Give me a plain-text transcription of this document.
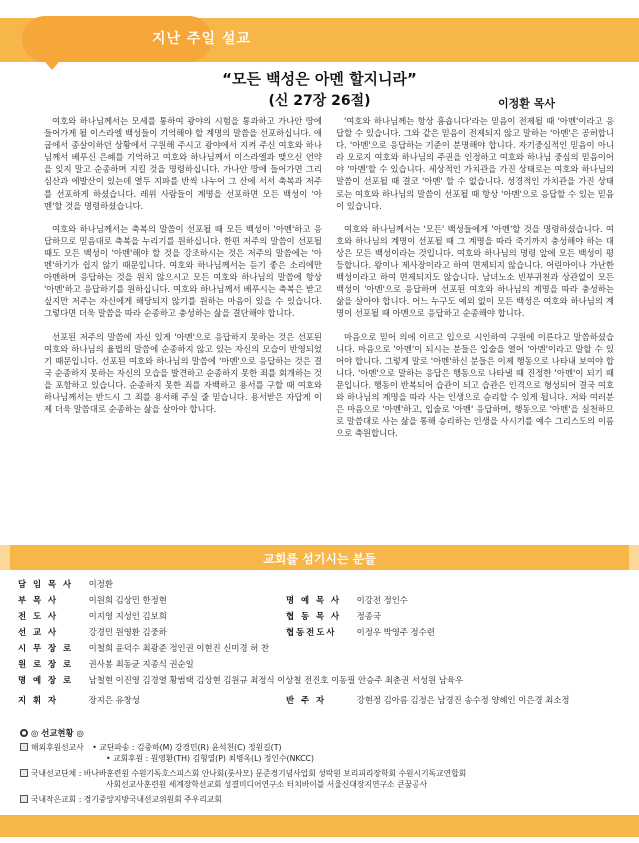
지난 주일 설교
“모든 백성은 아멘 할지니라”
(신 27장 26절)	이정환 목사

여호와 하나님께서는 모세를 통하여 광야의 시험을 통과하고 가나안 땅에 들어가게 될 이스라엘 백성들이 기억해야 할 계명의 말씀을 선포하십니다. 애굽에서 종살이하던 상황에서 구원해 주시고 광야에서 지켜 주신 여호와 하나님께서 베푸신 은혜를 기억하고 여호와 하나님께서 이스라엘과 맺으신 언약을 잊지 말고 순종하며 지킬 것을 명령하십니다. 가나안 땅에 들어가면 그리심산과 에발산이 있는데 열두 지파를 반씩 나누어 그 산에 서서 축복과 저주를 선포하게 하셨습니다. 레위 사람들이 계명을 선포하면 모든 백성이 '아멘'할 것을 명령하셨습니다.

여호와 하나님께서는 축복의 말씀이 선포될 때 모든 백성이 '아멘'하고 응답하므로 믿음대로 축복을 누리기를 원하십니다. 한편 저주의 말씀이 선포될 때도 모든 백성이 '아멘'해야 할 것을 강조하시는 것은 저주의 말씀에는 '아멘'하기가 쉽지 않기 때문입니다. 여호와 하나님께서는 듣기 좋은 소리에만 아멘하며 응답하는 것을 원치 않으시고 모든 여호와 하나님의 말씀에 항상 '아멘'하고 응답하기를 원하십니다. 여호와 하나님께서 베푸시는 축복은 받고 싶지만 저주는 자신에게 해당되지 않기를 원하는 마음이 있을 수 있습니다. 그렇다면 더욱 말씀을 따라 순종하고 충성하는 삶을 결단해야 합니다.

선포된 저주의 말씀에 자신 있게 '아멘'으로 응답하지 못하는 것은 선포된 여호와 하나님의 율법의 말씀에 순종하지 않고 있는 자신의 모습이 반영되었기 때문입니다. 선포된 여호와 하나님의 말씀에 '아멘'으로 응답하는 것은 결국 순종하지 못하는 자신의 모습을 발견하고 순종하지 못한 죄를 회개하는 것을 포함하고 있습니다. 순종하지 못한 죄를 자백하고 용서를 구할 때 여호와 하나님께서는 반드시 그 죄를 용서해 주실 줄 믿습니다. 용서받은 자답게 이제 더욱 말씀대로 순종하는 삶을 살아야 합니다.

'여호와 하나님께는 항상 흠숍니다'라는 믿음이 전제될 때 '아멘'이라고 응답할 수 있습니다. 그와 같은 믿음이 전제되지 않고 말하는 '아멘'은 공허합니다. '아멘'으로 응답하는 기준이 분명해야 합니다. 자기중심적인 믿음이 아니라 오로지 여호와 하나님의 주권을 인정하고 여호와 하나님 중심의 믿음이어야 '아멘'할 수 있습니다. 세상적인 가치관을 가진 상태로는 여호와 하나님의 말씀이 선포될 때 결코 '아멘' 할 수 없습니다. 성경적인 가치관을 가진 상태로는 여호와 하나님의 말씀이 선포될 때 항상 '아멘'으로 응답할 수 있는 믿음이 있습니다.

여호와 하나님께서는 '모든' 백성들에게 '아멘'할 것을 명령하셨습니다. 여호와 하나님의 계명이 선포될 때 그 계명을 따라 죽기까지 충성해야 하는 대상은 모든 백성이라는 것입니다. 여호와 하나님의 명령 앞에 모든 백성이 평등합니다. 왕이나 제사장이라고 하여 면제되지 않습니다. 어린아이나 가난한 백성이라고 하여 면제되지도 않습니다. 남녀노소 빈부귀천과 상관없이 모든 백성이 '아멘'으로 응답하며 선포된 여호와 하나님의 계명을 따라 충성하는 삶을 살아야 합니다. 어느 누구도 예외 없이 모든 백성은 여호와 하나님의 계명이 선포될 때 아멘으로 응답하고 순종해야 합니다.

마음으로 믿어 의에 이르고 입으로 시인하여 구원에 이른다고 말씀하셨습니다. 마음으로 '아멘'이 되시는 분들은 입술을 열어 '아멘'이라고 말할 수 있어야 합니다. 그렇게 말로 '아멘'하신 분들은 이제 행동으로 나타내 보여야 합니다. '아멘'으로 말하는 응답은 행동으로 나타낼 때 진정한 '아멘'이 되기 때문입니다. 행동이 반복되어 습관이 되고 습관은 인격으로 형성되어 결국 여호와 하나님의 계명을 따라 사는 인생으로 승리할 수 있게 됩니다. 저와 여러분은 마음으로 '아멘'하고, 입술로 '아멘' 응답하며, 행동으로 '아멘'을 실천하므로 말씀대로 사는 삶을 통해 승리하는 인생을 사시기를 예수 그리스도의 이름으로 축원합니다.

교회를 섬기시는 분들
담 임 목 사 이정환
부 목 사	이원희 김상민 한정현	명 예 목 사 이강전 정인수
전 도 사	이지영 지성인 김보희	협 동 목 사 정종국
선 교 사	강경민 원영환 김중하	협동전도사 이정우 박영주 정수련
시 무 장 로 이철희 윤덕수 최광준 정인권 이현진 신미경 허 찬
원 로 장 로 권사봉 최동균 지종식 권순일
명 예 장 로 남철현 이진영 김경열 황범택 김상현 김원규 최정식 이상철 전진호 이동필 안승주 최춘권 서성원 남육우
지 휘 자	장지은 유창성	반 주 자	강현정 김아름 김정은 남경진 송수정 양혜인 이은경 최소정
◎ 선교현황 ◎
해외후원선교사 • 교단파송 : 김중하(M) 강경민(R) 윤석천(C) 정원길(T)
• 교회후원 : 원영환(TH) 김형열(P) 최병옥(L) 정인수(NKCC)
국내선교단체 : 바나바훈련원 수원기독호스피스회 안나회(룻사모) 문준경기념사업회 성락원 보리피리장학회 수원시기독교연합회
사회선교사훈련원 세계장학선교회 성결미디어연구소 터치바이블 서울신대장지연구소 큰꿈공사
국내작은교회 : 경기중앙지방국내선교위원회 주우리교회
